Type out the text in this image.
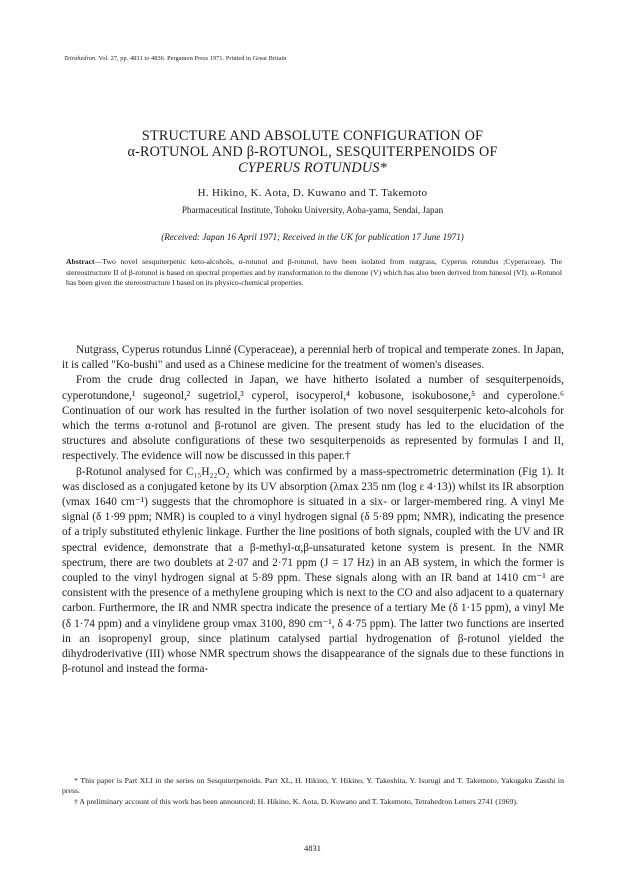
Tetrahedron. Vol. 27, pp. 4831 to 4836. Pergamon Press 1971. Printed in Great Britain
STRUCTURE AND ABSOLUTE CONFIGURATION OF
α-ROTUNOL AND β-ROTUNOL, SESQUITERPENOIDS OF
CYPERUS ROTUNDUS*
H. Hikino, K. Aota, D. Kuwano and T. Takemoto
Pharmaceutical Institute, Tohoku University, Aoba-yama, Sendai, Japan
(Received: Japan 16 April 1971; Received in the UK for publication 17 June 1971)
Abstract—Two novel sesquiterpenic keto-alcohols, α-rotunol and β-rotunol, have been isolated from nutgrass, Cyperus rotundus ;Cyperaceae). The stereostructure II of β-rotunol is based on spectral properties and by transformation to the dienone (V) which has also been derived from hinesol (VI). α-Rotunol has been given the stereostructure I based on its physico-chemical properties.

Nutgrass, Cyperus rotundus Linné (Cyperaceae), a perennial herb of tropical and temperate zones. In Japan, it is called "Ko-bushi" and used as a Chinese medicine for the treatment of women's diseases.

From the crude drug collected in Japan, we have hitherto isolated a number of sesquiterpenoids, cyperotundone,¹ sugeonol,² sugetriol,³ cyperol, isocyperol,⁴ kobusone, isokubosone,⁵ and cyperolone.⁶ Continuation of our work has resulted in the further isolation of two novel sesquiterpenic keto-alcohols for which the terms α-rotunol and β-rotunol are given. The present study has led to the elucidation of the structures and absolute configurations of these two sesquiterpenoids as represented by formulas I and II, respectively. The evidence will now be discussed in this paper.†

β-Rotunol analysed for C₁₅H₂₂O₂ which was confirmed by a mass-spectrometric determination (Fig 1). It was disclosed as a conjugated ketone by its UV absorption (λmax 235 nm (log ε 4·13)) whilst its IR absorption (νmax 1640 cm⁻¹) suggests that the chromophore is situated in a six- or larger-membered ring. A vinyl Me signal (δ 1·99 ppm; NMR) is coupled to a vinyl hydrogen signal (δ 5·89 ppm; NMR), indicating the presence of a triply substituted ethylenic linkage. Further the line positions of both signals, coupled with the UV and IR spectral evidence, demonstrate that a β-methyl-α,β-unsaturated ketone system is present. In the NMR spectrum, there are two doublets at 2·07 and 2·71 ppm (J = 17 Hz) in an AB system, in which the former is coupled to the vinyl hydrogen signal at 5·89 ppm. These signals along with an IR band at 1410 cm⁻¹ are consistent with the presence of a methylene grouping which is next to the CO and also adjacent to a quaternary carbon. Furthermore, the IR and NMR spectra indicate the presence of a tertiary Me (δ 1·15 ppm), a vinyl Me (δ 1·74 ppm) and a vinylidene group νmax 3100, 890 cm⁻¹, δ 4·75 ppm). The latter two functions are inserted in an isopropenyl group, since platinum catalysed partial hydrogenation of β-rotunol yielded the dihydroderivative (III) whose NMR spectrum shows the disappearance of the signals due to these functions in β-rotunol and instead the forma-

* This paper is Part XLI in the series on Sesquiterpenoids. Part XL, H. Hikino, Y. Hikino, Y. Takeshita, Y. Isurugi and T. Takemoto, Yakugaku Zasshi in press.

† A preliminary account of this work has been announced; H. Hikino, K. Aota, D. Kuwano and T. Takemoto, Tetrahedron Letters 2741 (1969).

4831
